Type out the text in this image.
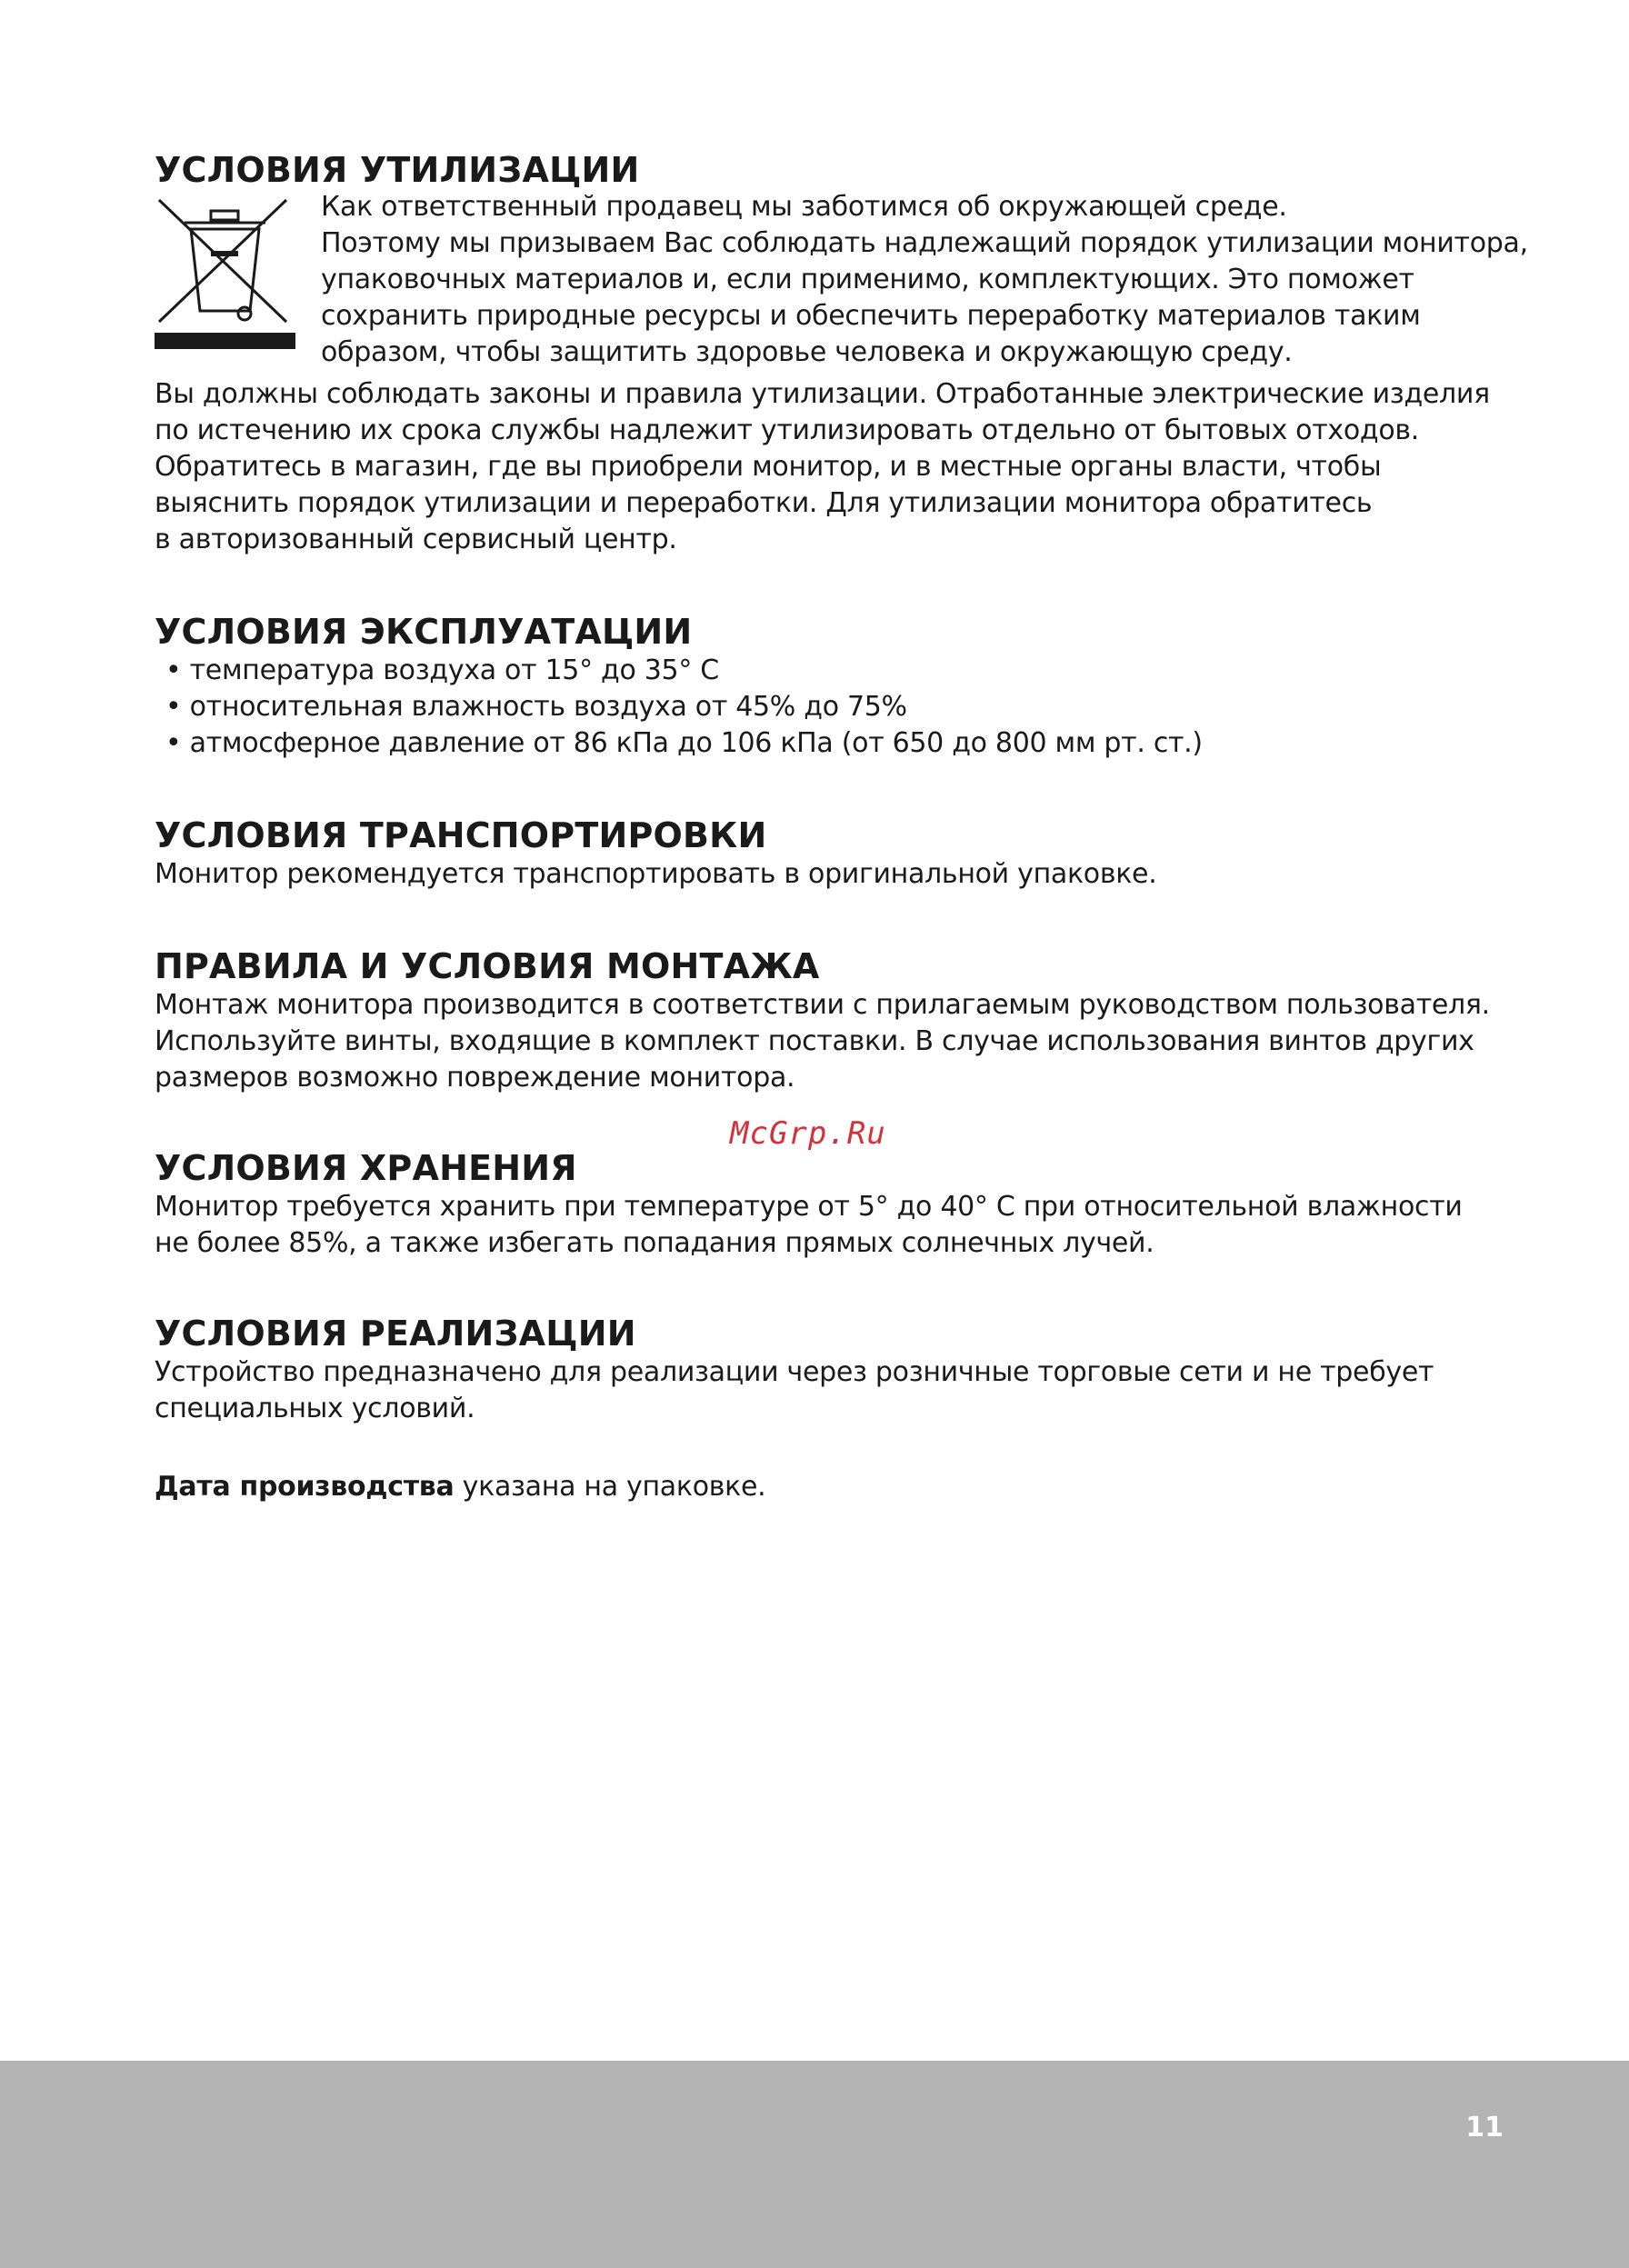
УСЛОВИЯ УТИЛИЗАЦИИ
Как ответственный продавец мы заботимся об окружающей среде.
Поэтому мы призываем Вас соблюдать надлежащий порядок утилизации монитора,
упаковочных материалов и, если применимо, комплектующих. Это поможет
сохранить природные ресурсы и обеспечить переработку материалов таким
образом, чтобы защитить здоровье человека и окружающую среду.
Вы должны соблюдать законы и правила утилизации. Отработанные электрические изделия
по истечению их срока службы надлежит утилизировать отдельно от бытовых отходов.
Обратитесь в магазин, где вы приобрели монитор, и в местные органы власти, чтобы
выяснить порядок утилизации и переработки. Для утилизации монитора обратитесь
в авторизованный сервисный центр.
УСЛОВИЯ ЭКСПЛУАТАЦИИ
• температура воздуха от 15° до 35° С
• относительная влажность воздуха от 45% до 75%
• атмосферное давление от 86 кПа до 106 кПа (от 650 до 800 мм рт. ст.)
УСЛОВИЯ ТРАНСПОРТИРОВКИ
Монитор рекомендуется транспортировать в оригинальной упаковке.
ПРАВИЛА И УСЛОВИЯ МОНТАЖА
Монтаж монитора производится в соответствии с прилагаемым руководством пользователя.
Используйте винты, входящие в комплект поставки. В случае использования винтов других
размеров возможно повреждение монитора.
УСЛОВИЯ ХРАНЕНИЯ
Монитор требуется хранить при температуре от 5° до 40° С при относительной влажности
не более 85%, а также избегать попадания прямых солнечных лучей.
УСЛОВИЯ РЕАЛИЗАЦИИ
Устройство предназначено для реализации через розничные торговые сети и не требует
специальных условий.
Дата производства указана на упаковке.
McGrp.Ru
11
